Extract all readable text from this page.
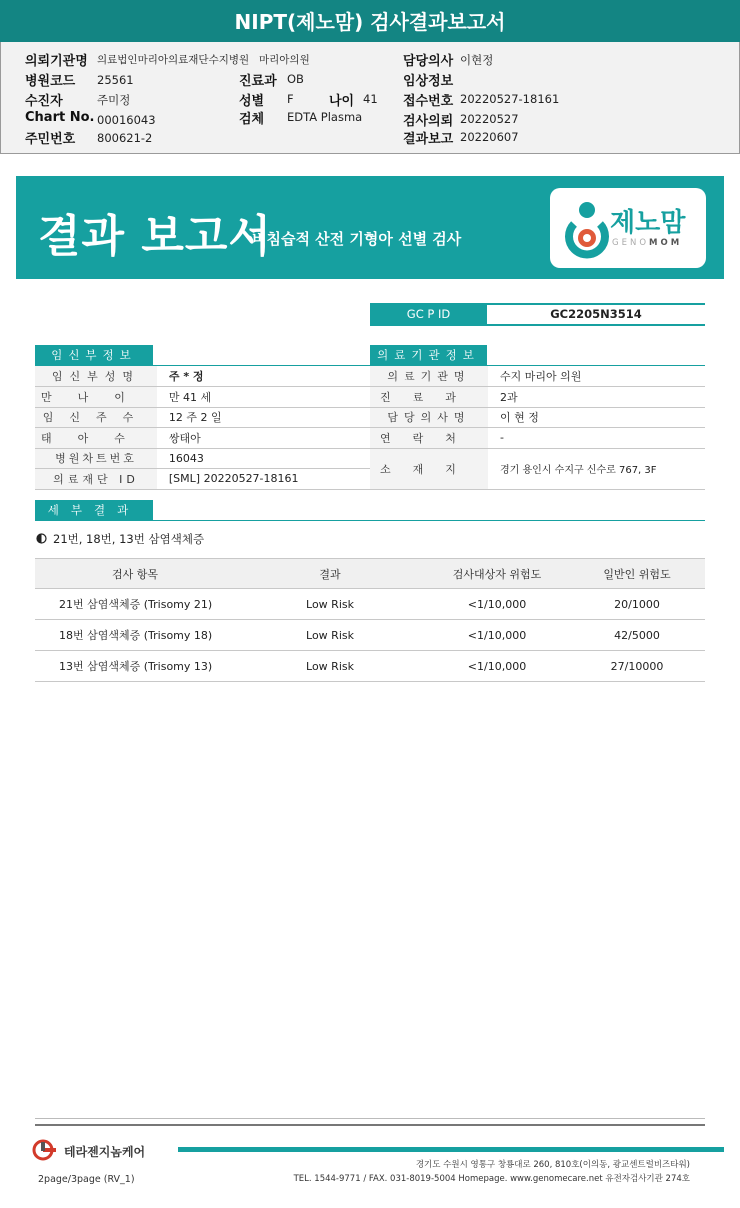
NIPT(제노맘) 검사결과보고서
의뢰기관명 의료법인마리아의료재단수지병원 마리아의원
병원코드 25561
수진자	주미정
Chart No. 00016043
주민번호 800621-2
진료과 OB
성별 F	나이 41
검체 EDTA Plasma
담당의사 이현정
임상정보
접수번호 20220527-18161
검사의뢰 20220527
결과보고 20220607
결과 보고서
비침습적 산전 기형아 선별 검사
제노맘
GENOMOM
GC P ID	GC2205N3514
임신부정보
임신부성명	주 * 정
만나이	만 41 세
임신주수	12 주 2 일
태아수	쌍태아
병원차트번호	16043
의료재단 ID	[SML] 20220527-18161
의료기관정보
의료기관명	수지 마리아 의원
진료과	2과
담당의사명	이 현 정
연락처	-
소재지	경기 용인시 수지구 신수로 767, 3F
세부결과
21번, 18번, 13번 삼염색체증
검사 항목	결과	검사대상자 위험도	일반인 위험도
21번 삼염색체증 (Trisomy 21)	Low Risk	<1/10,000	20/1000
18번 삼염색체증 (Trisomy 18)	Low Risk	<1/10,000	42/5000
13번 삼염색체증 (Trisomy 13)	Low Risk	<1/10,000	27/10000
테라젠지놈케어
2page/3page (RV_1)
경기도 수원시 영통구 창룡대로 260, 810호(이의동, 광교센트럴비즈타워)
TEL. 1544-9771 / FAX. 031-8019-5004 Homepage. www.genomecare.net 유전자검사기관 274호
